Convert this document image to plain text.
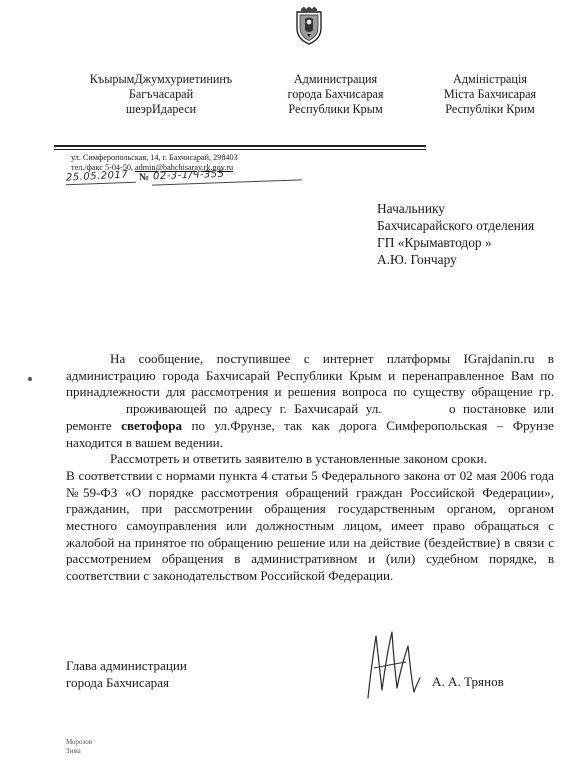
КъырымДжумхуриетининъ
Багъчасарай
шеэрИдареси
Администрация
города Бахчисарая
Республики Крым
Адміністрація
Міста Бахчисарая
Республіки Крим
ул. Симферопольская, 14, г. Бахчисарай, 298403
тел./факс 5-04-50, admin@bahchisaray.rk.gov.ru
25.05.2017 № 02-3-1/Ч-355
Начальнику
Бахчисарайского отделения
ГП «Крымавтодор »
А.Ю. Гончару

На сообщение, поступившее с интернет платформы IGrajdanin.ru в администрацию города Бахчисарай Республики Крым и перенаправленное Вам по принадлежности для рассмотрения и решения вопроса по существу обращение гр.проживающей по адресу г. Бахчисарай ул.	о постановке или ремонте светофора по ул.Фрунзе, так как дорога Симферопольская – Фрунзе находится в вашем ведении.

Рассмотреть и ответить заявителю в установленные законом сроки.

В соответствии с нормами пункта 4 статьи 5 Федерального закона от 02 мая 2006 года №59-ФЗ «О порядке рассмотрения обращений граждан Российской Федерации», гражданин, при рассмотрении обращения государственным органом, органом местного самоуправления или должностным лицом, имеет право обращаться с жалобой на принятое по обращению решение или на действие (бездействие) в связи с рассмотрением обращения в административном и (или) судебном порядке, в соответствии с законодательством Российской Федерации.

Глава администрации
города Бахчисарая	А. А. Трянов
Морозов
Зима
